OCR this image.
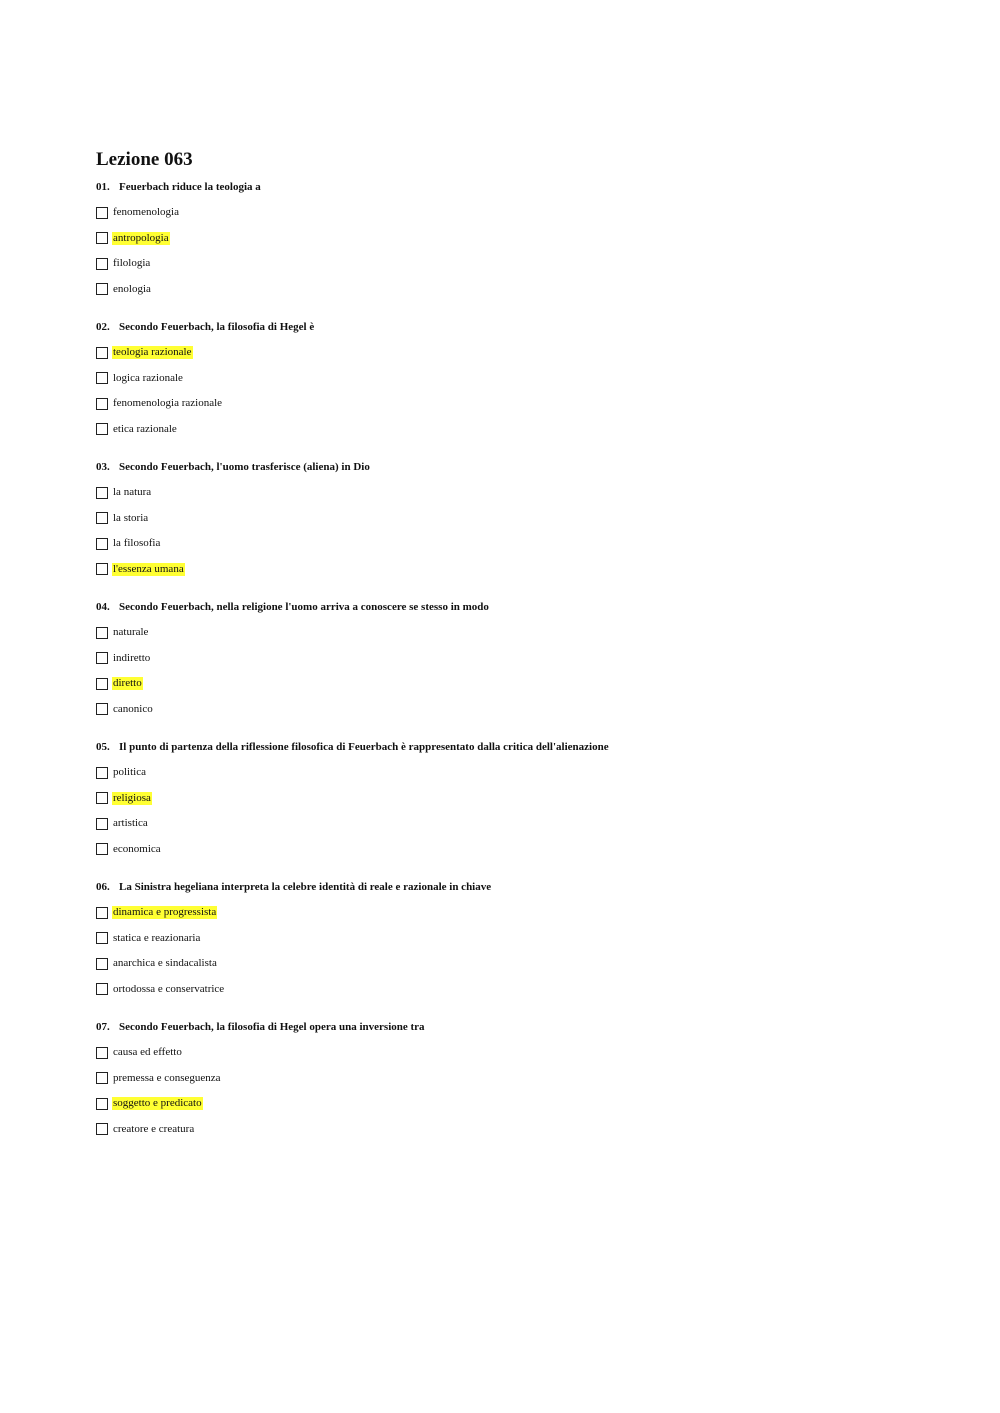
Lezione 063
01. Feuerbach riduce la teologia a
fenomenologia
antropologia
filologia
enologia
02. Secondo Feuerbach, la filosofia di Hegel è
teologia razionale
logica razionale
fenomenologia razionale
etica razionale
03. Secondo Feuerbach, l'uomo trasferisce (aliena) in Dio
la natura
la storia
la filosofia
l'essenza umana
04. Secondo Feuerbach, nella religione l'uomo arriva a conoscere se stesso in modo
naturale
indiretto
diretto
canonico
05. Il punto di partenza della riflessione filosofica di Feuerbach è rappresentato dalla critica dell'alienazione
politica
religiosa
artistica
economica
06. La Sinistra hegeliana interpreta la celebre identità di reale e razionale in chiave
dinamica e progressista
statica e reazionaria
anarchica e sindacalista
ortodossa e conservatrice
07. Secondo Feuerbach, la filosofia di Hegel opera una inversione tra
causa ed effetto
premessa e conseguenza
soggetto e predicato
creatore e creatura
